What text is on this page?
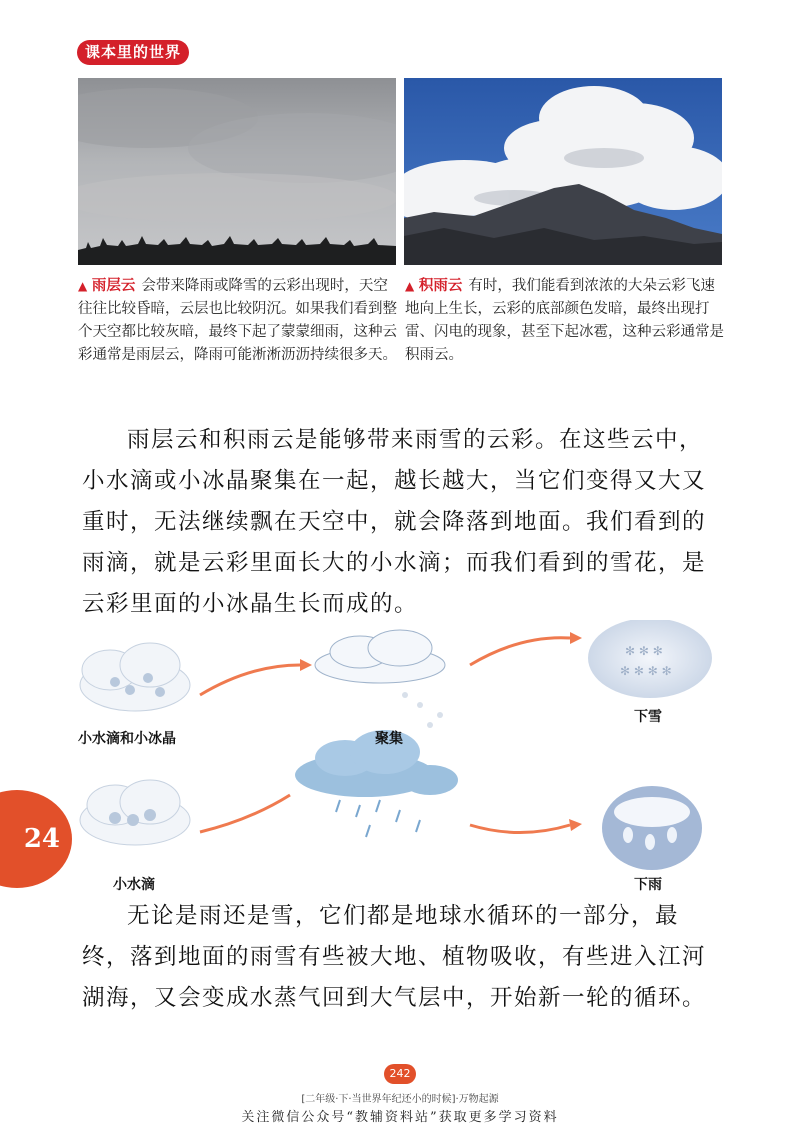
课本里的世界
▲ 雨层云 会带来降雨或降雪的云彩出现时，天空往往比较昏暗，云层也比较阴沉。如果我们看到整个天空都比较灰暗，最终下起了蒙蒙细雨，这种云彩通常是雨层云，降雨可能淅淅沥沥持续很多天。
▲ 积雨云 有时，我们能看到浓浓的大朵云彩飞速地向上生长，云彩的底部颜色发暗，最终出现打雷、闪电的现象，甚至下起冰雹，这种云彩通常是积雨云。

雨层云和积雨云是能够带来雨雪的云彩。在这些云中，小水滴或小冰晶聚集在一起，越长越大，当它们变得又大又重时，无法继续飘在天空中，就会降落到地面。我们看到的雨滴，就是云彩里面长大的小水滴；而我们看到的雪花，是云彩里面的小冰晶生长而成的。

✻ ✻ ✻
✻ ✻ ✻ ✻
小水滴和小冰晶	聚集
下雪
小水滴	下雨
24

无论是雨还是雪，它们都是地球水循环的一部分，最终，落到地面的雨雪有些被大地、植物吸收，有些进入江河湖海，又会变成水蒸气回到大气层中，开始新一轮的循环。

242
[二年级·下·当世界年纪还小的时候]·万物起源
关注微信公众号“教辅资料站”获取更多学习资料
